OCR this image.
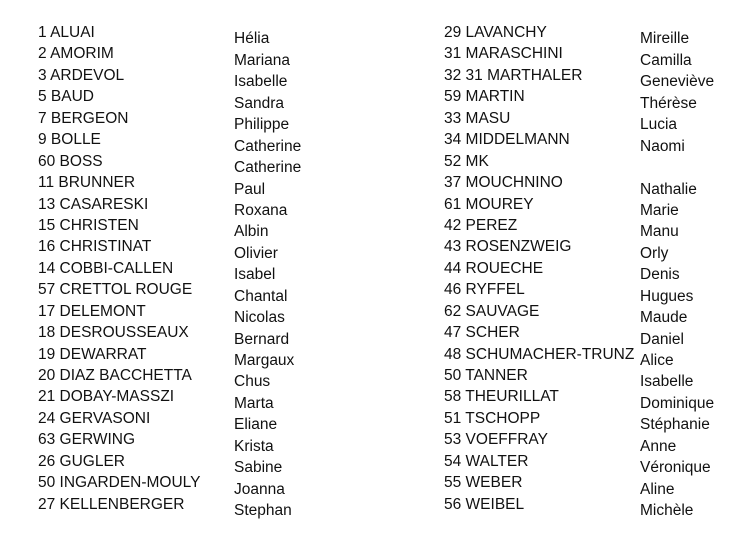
1 ALUAI	Hélia
2 AMORIM	Mariana
3 ARDEVOL	Isabelle
5 BAUD	Sandra
7 BERGEON	Philippe
9 BOLLE	Catherine
60 BOSS	Catherine
11 BRUNNER	Paul
13 CASARESKI	Roxana
15 CHRISTEN	Albin
16 CHRISTINAT	Olivier
14 COBBI-CALLEN	Isabel
57 CRETTOL ROUGE	Chantal
17 DELEMONT	Nicolas
18 DESROUSSEAUX	Bernard
19 DEWARRAT	Margaux
20 DIAZ BACCHETTA	Chus
21 DOBAY-MASSZI	Marta
24 GERVASONI	Eliane
63 GERWING	Krista
26 GUGLER	Sabine
50 INGARDEN-MOULY Joanna
27 KELLENBERGER	Stephan
29 LAVANCHY	Mireille
31 MARASCHINI	Camilla
32 31 MARTHALER	Geneviève
59 MARTIN	Thérèse
33 MASU	Lucia
34 MIDDELMANN	Naomi
52 MK
37 MOUCHNINO	Nathalie
61 MOUREY	Marie
42 PEREZ	Manu
43 ROSENZWEIG	Orly
44 ROUECHE	Denis
46 RYFFEL	Hugues
62 SAUVAGE	Maude
47 SCHER	Daniel
48 SCHUMACHER-TRUNZ Alice
50 TANNER	Isabelle
58 THEURILLAT	Dominique
51 TSCHOPP	Stéphanie
53 VOEFFRAY	Anne
54 WALTER	Véronique
55 WEBER	Aline
56 WEIBEL	Michèle
